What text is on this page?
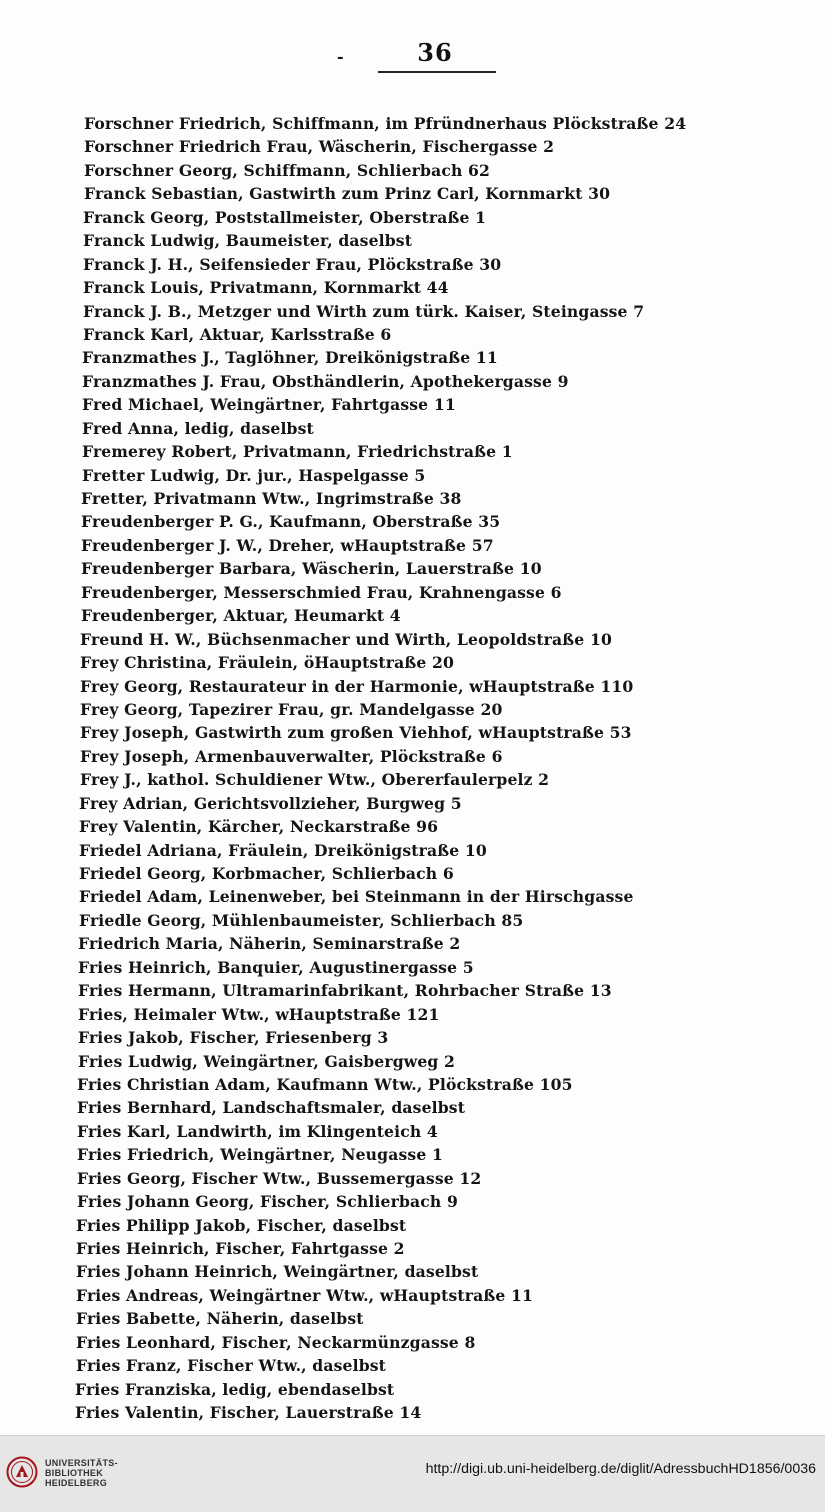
-	36
Forschner Friedrich, Schiffmann, im Pfründnerhaus Plöckstraße 24
Forschner Friedrich Frau, Wäscherin, Fischergasse 2
Forschner Georg, Schiffmann, Schlierbach 62
Franck Sebastian, Gastwirth zum Prinz Carl, Kornmarkt 30
Franck Georg, Poststallmeister, Oberstraße 1
Franck Ludwig, Baumeister, daselbst
Franck J. H., Seifensieder Frau, Plöckstraße 30
Franck Louis, Privatmann, Kornmarkt 44
Franck J. B., Metzger und Wirth zum türk. Kaiser, Steingasse 7
Franck Karl, Aktuar, Karlsstraße 6
Franzmathes J., Taglöhner, Dreikönigstraße 11
Franzmathes J. Frau, Obsthändlerin, Apothekergasse 9
Fred Michael, Weingärtner, Fahrtgasse 11
Fred Anna, ledig, daselbst
Fremerey Robert, Privatmann, Friedrichstraße 1
Fretter Ludwig, Dr. jur., Haspelgasse 5
Fretter, Privatmann Wtw., Ingrimstraße 38
Freudenberger P. G., Kaufmann, Oberstraße 35
Freudenberger J. W., Dreher, wHauptstraße 57
Freudenberger Barbara, Wäscherin, Lauerstraße 10
Freudenberger, Messerschmied Frau, Krahnengasse 6
Freudenberger, Aktuar, Heumarkt 4
Freund H. W., Büchsenmacher und Wirth, Leopoldstraße 10
Frey Christina, Fräulein, öHauptstraße 20
Frey Georg, Restaurateur in der Harmonie, wHauptstraße 110
Frey Georg, Tapezirer Frau, gr. Mandelgasse 20
Frey Joseph, Gastwirth zum großen Viehhof, wHauptstraße 53
Frey Joseph, Armenbauverwalter, Plöckstraße 6
Frey J., kathol. Schuldiener Wtw., Obererfaulerpelz 2
Frey Adrian, Gerichtsvollzieher, Burgweg 5
Frey Valentin, Kärcher, Neckarstraße 96
Friedel Adriana, Fräulein, Dreikönigstraße 10
Friedel Georg, Korbmacher, Schlierbach 6
Friedel Adam, Leinenweber, bei Steinmann in der Hirschgasse
Friedle Georg, Mühlenbaumeister, Schlierbach 85
Friedrich Maria, Näherin, Seminarstraße 2
Fries Heinrich, Banquier, Augustinergasse 5
Fries Hermann, Ultramarinfabrikant, Rohrbacher Straße 13
Fries, Heimaler Wtw., wHauptstraße 121
Fries Jakob, Fischer, Friesenberg 3
Fries Ludwig, Weingärtner, Gaisbergweg 2
Fries Christian Adam, Kaufmann Wtw., Plöckstraße 105
Fries Bernhard, Landschaftsmaler, daselbst
Fries Karl, Landwirth, im Klingenteich 4
Fries Friedrich, Weingärtner, Neugasse 1
Fries Georg, Fischer Wtw., Bussemergasse 12
Fries Johann Georg, Fischer, Schlierbach 9
Fries Philipp Jakob, Fischer, daselbst
Fries Heinrich, Fischer, Fahrtgasse 2
Fries Johann Heinrich, Weingärtner, daselbst
Fries Andreas, Weingärtner Wtw., wHauptstraße 11
Fries Babette, Näherin, daselbst
Fries Leonhard, Fischer, Neckarmünzgasse 8
Fries Franz, Fischer Wtw., daselbst
Fries Franziska, ledig, ebendaselbst
Fries Valentin, Fischer, Lauerstraße 14
UNIVERSITÄTS-
BIBLIOTHEK
HEIDELBERG
http://digi.ub.uni-heidelberg.de/diglit/AdressbuchHD1856/0036
